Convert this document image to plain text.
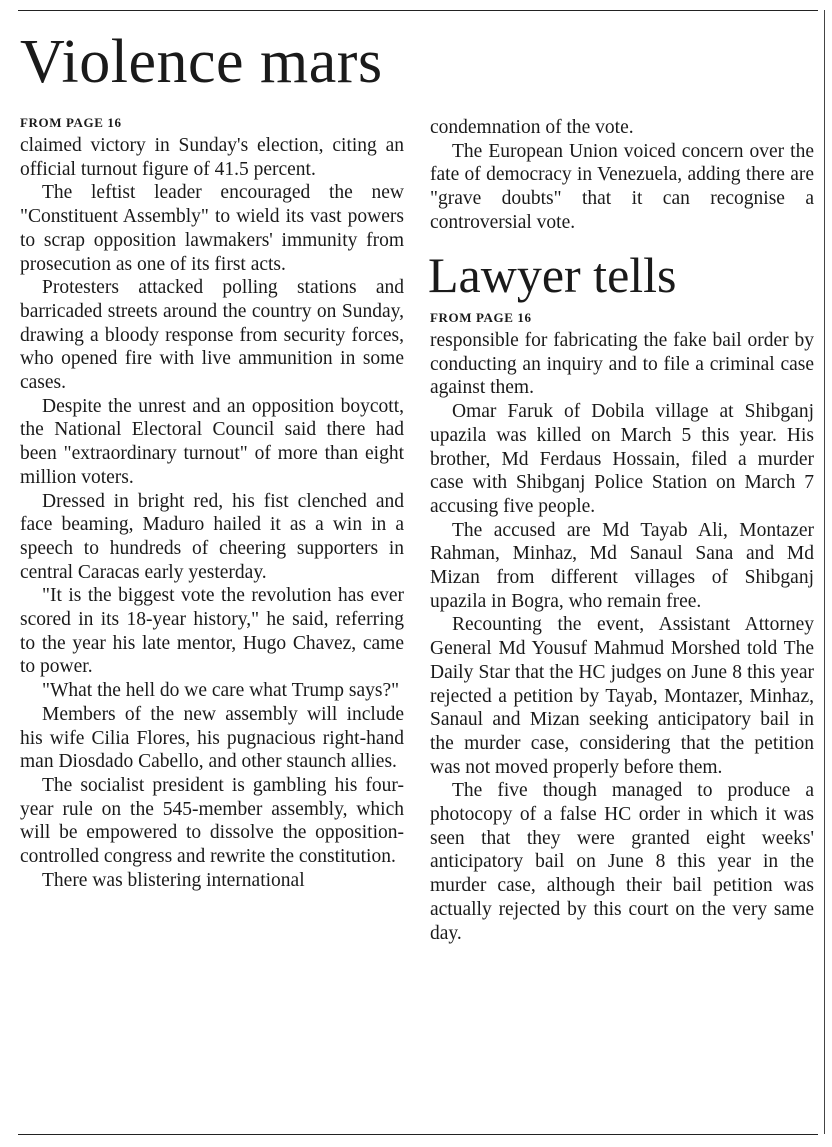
Violence mars
FROM PAGE 16

claimed victory in Sunday's election, citing an official turnout figure of 41.5 percent.

The leftist leader encouraged the new "Constituent Assembly" to wield its vast powers to scrap opposition lawmakers' immunity from prosecution as one of its first acts.

Protesters attacked polling stations and barricaded streets around the country on Sunday, drawing a bloody response from security forces, who opened fire with live ammunition in some cases.

Despite the unrest and an opposition boycott, the National Electoral Council said there had been "extraordinary turnout" of more than eight million voters.

Dressed in bright red, his fist clenched and face beaming, Maduro hailed it as a win in a speech to hundreds of cheering supporters in central Caracas early yesterday.

"It is the biggest vote the revolution has ever scored in its 18-year history," he said, referring to the year his late mentor, Hugo Chavez, came to power.

"What the hell do we care what Trump says?"

Members of the new assembly will include his wife Cilia Flores, his pugnacious right-hand man Diosdado Cabello, and other staunch allies.

The socialist president is gambling his four-year rule on the 545-member assembly, which will be empowered to dissolve the opposition-controlled congress and rewrite the constitution.

There was blistering international

condemnation of the vote.

The European Union voiced concern over the fate of democracy in Venezuela, adding there are "grave doubts" that it can recognise a controversial vote.

Lawyer tells
FROM PAGE 16

responsible for fabricating the fake bail order by conducting an inquiry and to file a criminal case against them.

Omar Faruk of Dobila village at Shibganj upazila was killed on March 5 this year. His brother, Md Ferdaus Hossain, filed a murder case with Shibganj Police Station on March 7 accusing five people.

The accused are Md Tayab Ali, Montazer Rahman, Minhaz, Md Sanaul Sana and Md Mizan from different villages of Shibganj upazila in Bogra, who remain free.

Recounting the event, Assistant Attorney General Md Yousuf Mahmud Morshed told The Daily Star that the HC judges on June 8 this year rejected a petition by Tayab, Montazer, Minhaz, Sanaul and Mizan seeking anticipatory bail in the murder case, considering that the petition was not moved properly before them.

The five though managed to produce a photocopy of a false HC order in which it was seen that they were granted eight weeks' anticipatory bail on June 8 this year in the murder case, although their bail petition was actually rejected by this court on the very same day.
